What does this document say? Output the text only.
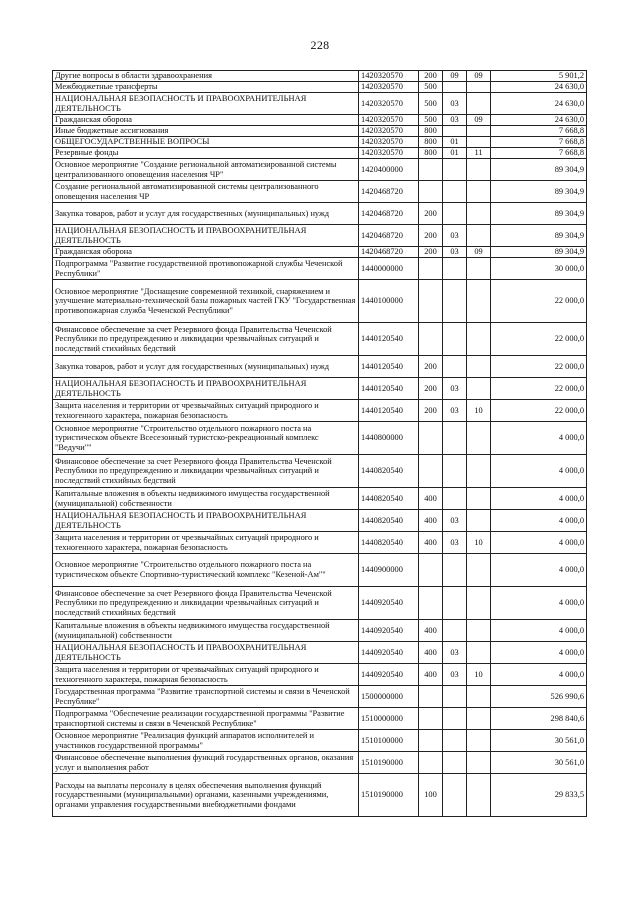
228
Другие вопросы в области здравоохранения	1420320570	200	09	09	5 901,2
Межбюджетные трансферты	1420320570	500			24 630,0
НАЦИОНАЛЬНАЯ БЕЗОПАСНОСТЬ И ПРАВООХРАНИТЕЛЬНАЯ ДЕЯТЕЛЬНОСТЬ	1420320570	500	03		24 630,0
Гражданская оборона	1420320570	500	03	09	24 630,0
Иные бюджетные ассигнования	1420320570	800			7 668,8
ОБЩЕГОСУДАРСТВЕННЫЕ ВОПРОСЫ	1420320570	800	01		7 668,8
Резервные фонды	1420320570	800	01	11	7 668,8
Основное мероприятие "Создание региональной автоматизированной системы централизованного оповещения населения ЧР"	1420400000				89 304,9
Создание региональной автоматизированной системы централизованного оповещения населения ЧР	1420468720				89 304,9
Закупка товаров, работ и услуг для государственных (муниципальных) нужд	1420468720	200			89 304,9
НАЦИОНАЛЬНАЯ БЕЗОПАСНОСТЬ И ПРАВООХРАНИТЕЛЬНАЯ ДЕЯТЕЛЬНОСТЬ	1420468720	200	03		89 304,9
Гражданская оборона	1420468720	200	03	09	89 304,9
Подпрограмма "Развитие государственной противопожарной службы Чеченской Республики"	1440000000				30 000,0
Основное мероприятие "Доснащение современной техникой, снаряжением и улучшение материально-технической базы пожарных частей ГКУ "Государственная противопожарная служба Чеченской Республики"	1440100000				22 000,0
Финансовое обеспечение за счет Резервного фонда Правительства Чеченской Республики по предупреждению и ликвидации чрезвычайных ситуаций и последствий стихийных бедствий	1440120540				22 000,0
Закупка товаров, работ и услуг для государственных (муниципальных) нужд	1440120540	200			22 000,0
НАЦИОНАЛЬНАЯ БЕЗОПАСНОСТЬ И ПРАВООХРАНИТЕЛЬНАЯ ДЕЯТЕЛЬНОСТЬ	1440120540	200	03		22 000,0
Защита населения и территории от чрезвычайных ситуаций природного и техногенного характера, пожарная безопасность	1440120540	200	03	10	22 000,0
Основное мероприятие "Строительство отдельного пожарного поста на туристическом объекте Всесезонный туристско-рекреационный комплекс "Ведучи""	1440800000				4 000,0
Финансовое обеспечение за счет Резервного фонда Правительства Чеченской Республики по предупреждению и ликвидации чрезвычайных ситуаций и последствий стихийных бедствий	1440820540				4 000,0
Капитальные вложения в объекты недвижимого имущества государственной (муниципальной) собственности	1440820540	400			4 000,0
НАЦИОНАЛЬНАЯ БЕЗОПАСНОСТЬ И ПРАВООХРАНИТЕЛЬНАЯ ДЕЯТЕЛЬНОСТЬ	1440820540	400	03		4 000,0
Защита населения и территории от чрезвычайных ситуаций природного и техногенного характера, пожарная безопасность	1440820540	400	03	10	4 000,0
Основное мероприятие "Строительство отдельного пожарного поста на туристическом объекте Спортивно-туристический комплекс "Кезеной-Ам""	1440900000				4 000,0
Финансовое обеспечение за счет Резервного фонда Правительства Чеченской Республики по предупреждению и ликвидации чрезвычайных ситуаций и последствий стихийных бедствий	1440920540				4 000,0
Капитальные вложения в объекты недвижимого имущества государственной (муниципальной) собственности	1440920540	400			4 000,0
НАЦИОНАЛЬНАЯ БЕЗОПАСНОСТЬ И ПРАВООХРАНИТЕЛЬНАЯ ДЕЯТЕЛЬНОСТЬ	1440920540	400	03		4 000,0
Защита населения и территории от чрезвычайных ситуаций природного и техногенного характера, пожарная безопасность	1440920540	400	03	10	4 000,0
Государственная программа "Развитие транспортной системы и связи в Чеченской Республике"	1500000000				526 990,6
Подпрограмма "Обеспечение реализации государственной программы "Развитие транспортной системы и связи в Чеченской Республике"	1510000000				298 840,6
Основное мероприятие "Реализация функций аппаратов исполнителей и участников государственной программы"	1510100000				30 561,0
Финансовое обеспечение выполнения функций государственных органов, оказания услуг и выполнения работ	1510190000				30 561,0
Расходы на выплаты персоналу в целях обеспечения выполнения функций государственными (муниципальными) органами, казенными учреждениями, органами управления государственными внебюджетными фондами	1510190000	100			29 833,5
